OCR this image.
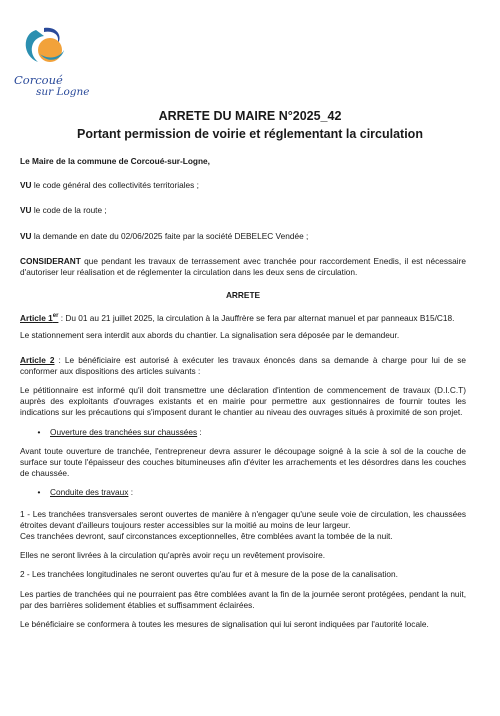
Corcoué
sur Logne
ARRETE DU MAIRE N°2025_42
Portant permission de voirie et réglementant la circulation

Le Maire de la commune de Corcoué-sur-Logne,

VU le code général des collectivités territoriales ;

VU le code de la route ;

VU la demande en date du 02/06/2025 faite par la société DEBELEC Vendée ;

CONSIDERANT que pendant les travaux de terrassement avec tranchée pour raccordement Enedis, il est nécessaire d'autoriser leur réalisation et de réglementer la circulation dans les deux sens de circulation.

ARRETE

Article 1er : Du 01 au 21 juillet 2025, la circulation à la Jauffrère se fera par alternat manuel et par panneaux B15/C18.

Le stationnement sera interdit aux abords du chantier. La signalisation sera déposée par le demandeur.

Article 2 : Le bénéficiaire est autorisé à exécuter les travaux énoncés dans sa demande à charge pour lui de se conformer aux dispositions des articles suivants :

Le pétitionnaire est informé qu'il doit transmettre une déclaration d'intention de commencement de travaux (D.I.C.T) auprès des exploitants d'ouvrages existants et en mairie pour permettre aux gestionnaires de fournir toutes les indications sur les précautions qui s'imposent durant le chantier au niveau des ouvrages situés à proximité de son projet.

•	Ouverture des tranchées sur chaussées :

Avant toute ouverture de tranchée, l'entrepreneur devra assurer le découpage soigné à la scie à sol de la couche de surface sur toute l'épaisseur des couches bitumineuses afin d'éviter les arrachements et les désordres dans les couches de chaussée.

•	Conduite des travaux :

1 - Les tranchées transversales seront ouvertes de manière à n'engager qu'une seule voie de circulation, les chaussées étroites devant d'ailleurs toujours rester accessibles sur la moitié au moins de leur largeur.

Ces tranchées devront, sauf circonstances exceptionnelles, être comblées avant la tombée de la nuit.

Elles ne seront livrées à la circulation qu'après avoir reçu un revêtement provisoire.

2 - Les tranchées longitudinales ne seront ouvertes qu'au fur et à mesure de la pose de la canalisation.

Les parties de tranchées qui ne pourraient pas être comblées avant la fin de la journée seront protégées, pendant la nuit, par des barrières solidement établies et suffisamment éclairées.

Le bénéficiaire se conformera à toutes les mesures de signalisation qui lui seront indiquées par l'autorité locale.
